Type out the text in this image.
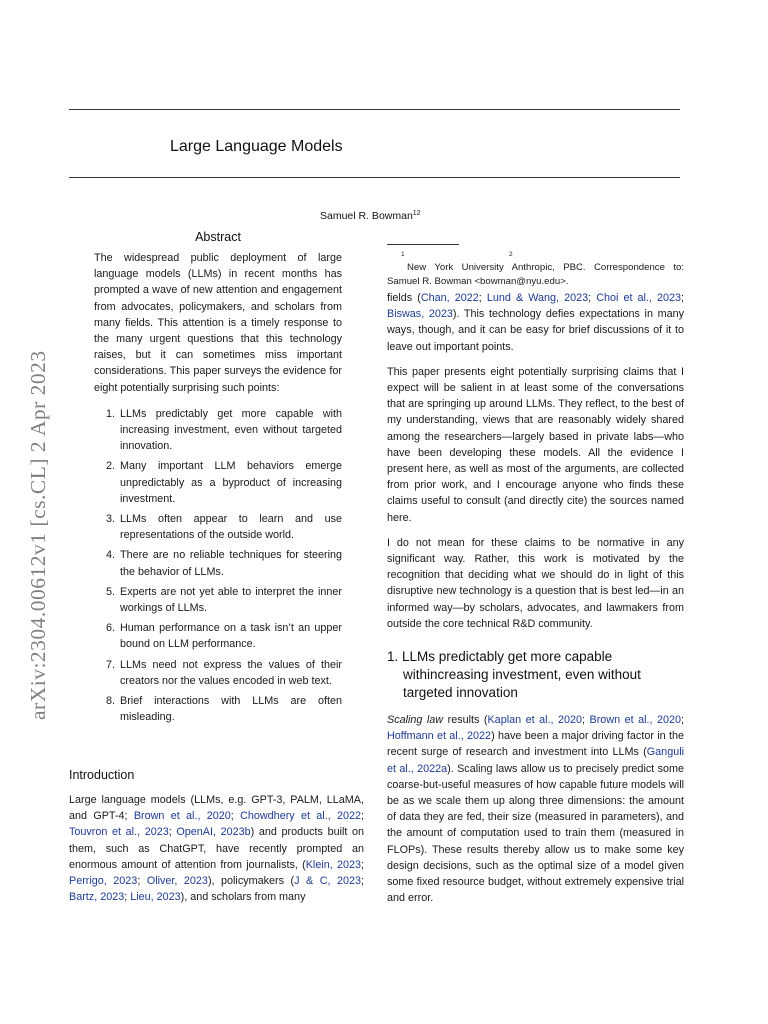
Large Language Models
Samuel R. Bowman$^{12}$
arXiv:2304.00612v1 [cs.CL] 2 Apr 2023
Abstract

The widespread public deployment of large language models (LLMs) in recent months has prompted a wave of new attention and engagement from advocates, policymakers, and scholars from many fields. This attention is a timely response to the many urgent questions that this technology raises, but it can sometimes miss important considerations. This paper surveys the evidence for eight potentially surprising such points:

1. LLMs predictably get more capable with increasing investment, even without targeted innovation.
2. Many important LLM behaviors emerge unpredictably as a byproduct of increasing investment.
3. LLMs often appear to learn and use representations of the outside world.
4. There are no reliable techniques for steering the behavior of LLMs.
5. Experts are not yet able to interpret the inner workings of LLMs.
6. Human performance on a task isn’t an upper bound on LLM performance.
7. LLMs need not express the values of their creators nor the values encoded in web text.
8. Brief interactions with LLMs are often misleading.
Introduction

Large language models (LLMs, e.g. GPT-3, PALM, LLaMA, and GPT-4; Brown et al., 2020; Chowdhery et al., 2022; Touvron et al., 2023; OpenAI, 2023b) and products built on them, such as ChatGPT, have recently prompted an enormous amount of attention from journalists, (Klein, 2023; Perrigo, 2023; Oliver, 2023), policymakers (J & C, 2023; Bartz, 2023; Lieu, 2023), and scholars from many

1	2

New York University Anthropic, PBC. Correspondence to: Samuel R. Bowman <bowman@nyu.edu>.

fields (Chan, 2022; Lund & Wang, 2023; Choi et al., 2023; Biswas, 2023). This technology defies expectations in many ways, though, and it can be easy for brief discussions of it to leave out important points.

This paper presents eight potentially surprising claims that I expect will be salient in at least some of the conversations that are springing up around LLMs. They reflect, to the best of my understanding, views that are reasonably widely shared among the researchers—largely based in private labs—who have been developing these models. All the evidence I present here, as well as most of the arguments, are collected from prior work, and I encourage anyone who finds these claims useful to consult (and directly cite) the sources named here.

I do not mean for these claims to be normative in any significant way. Rather, this work is motivated by the recognition that deciding what we should do in light of this disruptive new technology is a question that is best led—in an informed way—by scholars, advocates, and lawmakers from outside the core technical R&D community.

1. LLMs predictably get more capable withincreasing investment, even without targeted innovation

Scaling law results (Kaplan et al., 2020; Brown et al., 2020; Hoffmann et al., 2022) have been a major driving factor in the recent surge of research and investment into LLMs (Ganguli et al., 2022a). Scaling laws allow us to precisely predict some coarse-but-useful measures of how capable future models will be as we scale them up along three dimensions: the amount of data they are fed, their size (measured in parameters), and the amount of computation used to train them (measured in FLOPs). These results thereby allow us to make some key design decisions, such as the optimal size of a model given some fixed resource budget, without extremely expensive trial and error.
